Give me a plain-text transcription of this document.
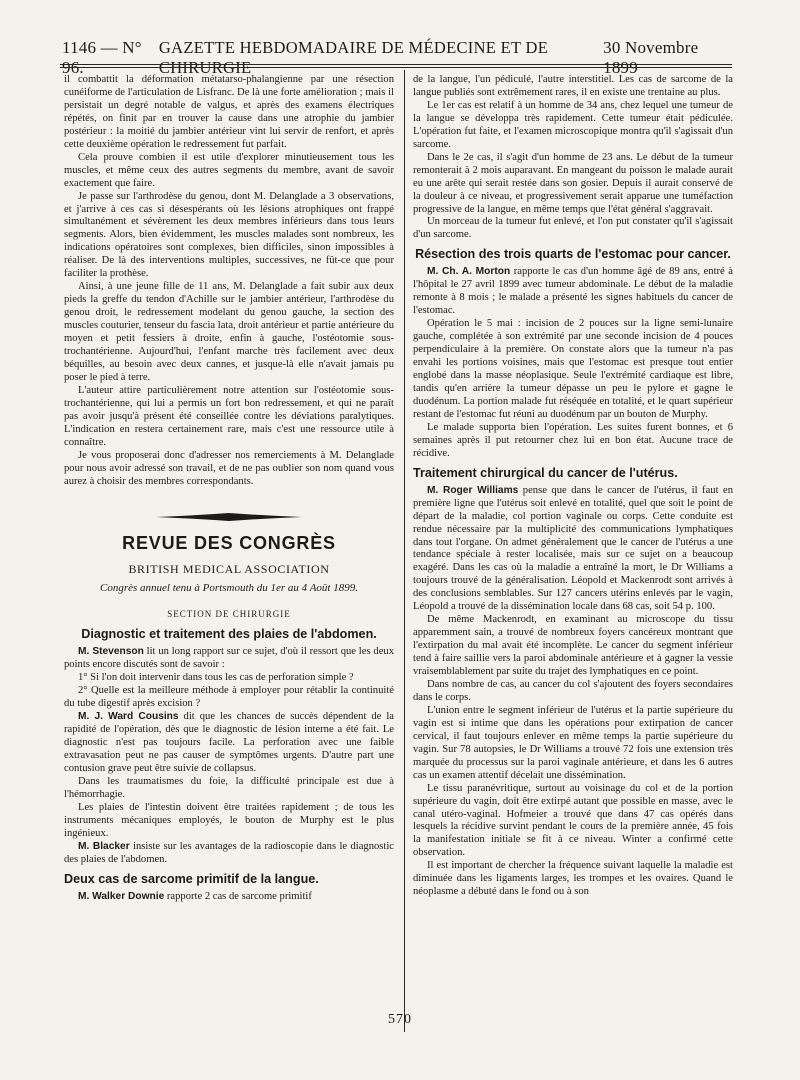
1146 — N° 96.
GAZETTE HEBDOMADAIRE DE MÉDECINE ET DE CHIRURGIE
30 Novembre 1899

il combattit la déformation métatarso-phalangienne par une résection cunéiforme de l'articulation de Lisfranc. De là une forte amélioration ; mais il persistait un degré notable de valgus, et après des examens électriques répétés, on finit par en trouver la cause dans une atrophie du jambier postérieur : la moitié du jambier antérieur vint lui servir de renfort, et après cette deuxième opération le redressement fut parfait.

Cela prouve combien il est utile d'explorer minutieusement tous les muscles, et même ceux des autres segments du membre, avant de savoir exactement que faire.

Je passe sur l'arthrodèse du genou, dont M. Delanglade a 3 observations, et j'arrive à ces cas si désespérants où les lésions atrophiques ont frappé simultanément et sévèrement les deux membres inférieurs dans tous leurs segments. Alors, bien évidemment, les muscles malades sont nombreux, les indications opératoires sont complexes, bien difficiles, sinon impossibles à réaliser. De là des interventions multiples, successives, ne fût-ce que pour faciliter la prothèse.

Ainsi, à une jeune fille de 11 ans, M. Delanglade a fait subir aux deux pieds la greffe du tendon d'Achille sur le jambier antérieur, l'arthrodèse du genou droit, le redressement modelant du genou gauche, la section des muscles couturier, tenseur du fascia lata, droit antérieur et partie antérieure du moyen et petit fessiers à droite, enfin à gauche, l'ostéotomie sous-trochantérienne. Aujourd'hui, l'enfant marche très facilement avec deux béquilles, au besoin avec deux cannes, et jusque-là elle n'avait jamais pu poser le pied à terre.

L'auteur attire particulièrement notre attention sur l'ostéotomie sous-trochantérienne, qui lui a permis un fort bon redressement, et qui ne paraît pas avoir jusqu'à présent été conseillée contre les déviations paralytiques. L'indication en restera certainement rare, mais c'est une ressource utile à connaître.

Je vous proposerai donc d'adresser nos remerciements à M. Delanglade pour nous avoir adressé son travail, et de ne pas oublier son nom quand vous aurez à choisir des membres correspondants.

REVUE DES CONGRÈS
BRITISH MEDICAL ASSOCIATION
Congrès annuel tenu à Portsmouth du 1er au 4 Août 1899.
SECTION DE CHIRURGIE
Diagnostic et traitement des plaies de l'abdomen.

M. Stevenson lit un long rapport sur ce sujet, d'où il ressort que les deux points encore discutés sont de savoir :

1° Si l'on doit intervenir dans tous les cas de perforation simple ?

2° Quelle est la meilleure méthode à employer pour rétablir la continuité du tube digestif après excision ?

M. J. Ward Cousins dit que les chances de succès dépendent de la rapidité de l'opération, dès que le diagnostic de lésion interne a été fait. Le diagnostic n'est pas toujours facile. La perforation avec une faible extravasation peut ne pas causer de symptômes urgents. D'autre part une contusion grave peut être suivie de collapsus.

Dans les traumatismes du foie, la difficulté principale est due à l'hémorrhagie.

Les plaies de l'intestin doivent être traitées rapidement ; de tous les instruments mécaniques employés, le bouton de Murphy est le plus ingénieux.

M. Blacker insiste sur les avantages de la radioscopie dans le diagnostic des plaies de l'abdomen.

Deux cas de sarcome primitif de la langue.

M. Walker Downie rapporte 2 cas de sarcome primitif

de la langue, l'un pédiculé, l'autre interstitiel. Les cas de sarcome de la langue publiés sont extrêmement rares, il en existe une trentaine au plus.

Le 1er cas est relatif à un homme de 34 ans, chez lequel une tumeur de la langue se développa très rapidement. Cette tumeur était pédiculée. L'opération fut faite, et l'examen microscopique montra qu'il s'agissait d'un sarcome.

Dans le 2e cas, il s'agit d'un homme de 23 ans. Le début de la tumeur remonterait à 2 mois auparavant. En mangeant du poisson le malade aurait eu une arête qui serait restée dans son gosier. Depuis il aurait conservé de la douleur à ce niveau, et progressivement serait apparue une tuméfaction progressive de la langue, en même temps que l'état général s'aggravait.

Un morceau de la tumeur fut enlevé, et l'on put constater qu'il s'agissait d'un sarcome.

Résection des trois quarts de l'estomac pour cancer.

M. Ch. A. Morton rapporte le cas d'un homme âgé de 89 ans, entré à l'hôpital le 27 avril 1899 avec tumeur abdominale. Le début de la maladie remonte à 8 mois ; le malade a présenté les signes habituels du cancer de l'estomac.

Opération le 5 mai : incision de 2 pouces sur la ligne semi-lunaire gauche, complétée à son extrémité par une seconde incision de 4 pouces perpendiculaire à la première. On constate alors que la tumeur n'a pas envahi les portions voisines, mais que l'estomac est presque tout entier englobé dans la masse néoplasique. Seule l'extrémité cardiaque est libre, tandis qu'en arrière la tumeur dépasse un peu le pylore et gagne le duodénum. La portion malade fut réséquée en totalité, et le quart supérieur restant de l'estomac fut réuni au duodénum par un bouton de Murphy.

Le malade supporta bien l'opération. Les suites furent bonnes, et 6 semaines après il put retourner chez lui en bon état. Aucune trace de récidive.

Traitement chirurgical du cancer de l'utérus.

M. Roger Williams pense que dans le cancer de l'utérus, il faut en première ligne que l'utérus soit enlevé en totalité, quel que soit le point de départ de la maladie, col portion vaginale ou corps. Cette conduite est rendue nécessaire par la multiplicité des communications lymphatiques dans tout l'organe. On admet généralement que le cancer de l'utérus a une tendance spéciale à rester localisée, mais sur ce sujet on a beaucoup exagéré. Dans les cas où la maladie a entraîné la mort, le Dr Williams a toujours trouvé de la généralisation. Léopold et Mackenrodt sont arrivés à des conclusions semblables. Sur 127 cancers utérins enlevés par le vagin, Léopold a trouvé de la dissémination locale dans 68 cas, soit 54 p. 100.

De même Mackenrodt, en examinant au microscope du tissu apparemment sain, a trouvé de nombreux foyers cancéreux montrant que l'extirpation du mal avait été incomplète. Le cancer du segment inférieur tend à faire saillie vers la paroi abdominale antérieure et à gagner la vessie vraisemblablement par suite du trajet des lymphatiques en ce point.

Dans nombre de cas, au cancer du col s'ajoutent des foyers secondaires dans le corps.

L'union entre le segment inférieur de l'utérus et la partie supérieure du vagin est si intime que dans les opérations pour extirpation de cancer cervical, il faut toujours enlever en même temps la partie supérieure du vagin. Sur 78 autopsies, le Dr Williams a trouvé 72 fois une extension très marquée du processus sur la paroi vaginale antérieure, et dans les 6 autres cas un examen attentif décelait une dissémination.

Le tissu paranévritique, surtout au voisinage du col et de la portion supérieure du vagin, doit être extirpé autant que possible en masse, avec le canal utéro-vaginal. Hofmeier a trouvé que dans 47 cas opérés dans lesquels la récidive survint pendant le cours de la première année, 45 fois la manifestation initiale se fit à ce niveau. Winter a confirmé cette observation.

Il est important de chercher la fréquence suivant laquelle la maladie est diminuée dans les ligaments larges, les trompes et les ovaires. Quand le néoplasme a débuté dans le fond ou à son

570
